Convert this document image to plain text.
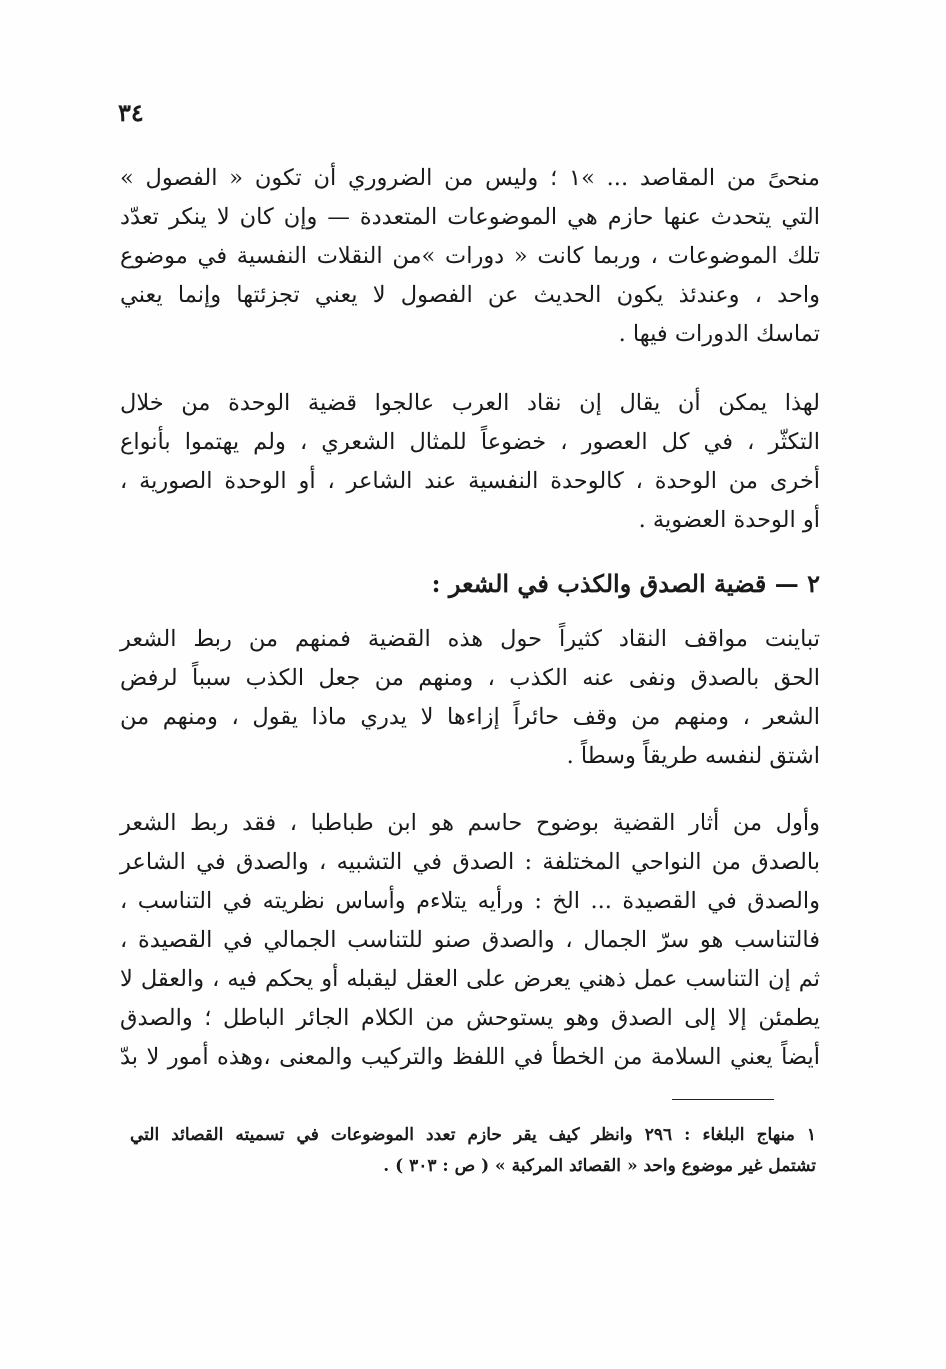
٣٤
منحىً من المقاصد ... »١ ؛ وليس من الضروري أن تكون « الفصول »
التي يتحدث عنها حازم هي الموضوعات المتعددة — وإن كان لا ينكر تعدّد
تلك الموضوعات ، وربما كانت « دورات »من النقلات النفسية في موضوع
واحد ، وعندئذ يكون الحديث عن الفصول لا يعني تجزئتها وإنما يعني
تماسك الدورات فيها .
لهذا يمكن أن يقال إن نقاد العرب عالجوا قضية الوحدة من خلال
التكثّر ، في كل العصور ، خضوعاً للمثال الشعري ، ولم يهتموا بأنواع
أخرى من الوحدة ، كالوحدة النفسية عند الشاعر ، أو الوحدة الصورية ،
أو الوحدة العضوية .
٢ — قضية الصدق والكذب في الشعر :
تباينت مواقف النقاد كثيراً حول هذه القضية فمنهم من ربط الشعر
الحق بالصدق ونفى عنه الكذب ، ومنهم من جعل الكذب سبباً لرفض
الشعر ، ومنهم من وقف حائراً إزاءها لا يدري ماذا يقول ، ومنهم من
اشتق لنفسه طريقاً وسطاً .
وأول من أثار القضية بوضوح حاسم هو ابن طباطبا ، فقد ربط الشعر
بالصدق من النواحي المختلفة : الصدق في التشبيه ، والصدق في الشاعر
والصدق في القصيدة ... الخ : ورأيه يتلاءم وأساس نظريته في التناسب ،
فالتناسب هو سرّ الجمال ، والصدق صنو للتناسب الجمالي في القصيدة ،
ثم إن التناسب عمل ذهني يعرض على العقل ليقبله أو يحكم فيه ، والعقل لا
يطمئن إلا إلى الصدق وهو يستوحش من الكلام الجائر الباطل ؛ والصدق
أيضاً يعني السلامة من الخطأ في اللفظ والتركيب والمعنى ،وهذه أمور لا بدّ
١ منهاج البلغاء : ٢٩٦ وانظر كيف يقر حازم تعدد الموضوعات في تسميته القصائد التي
تشتمل غير موضوع واحد « القصائد المركبة » ( ص : ٣٠٣ ) .
